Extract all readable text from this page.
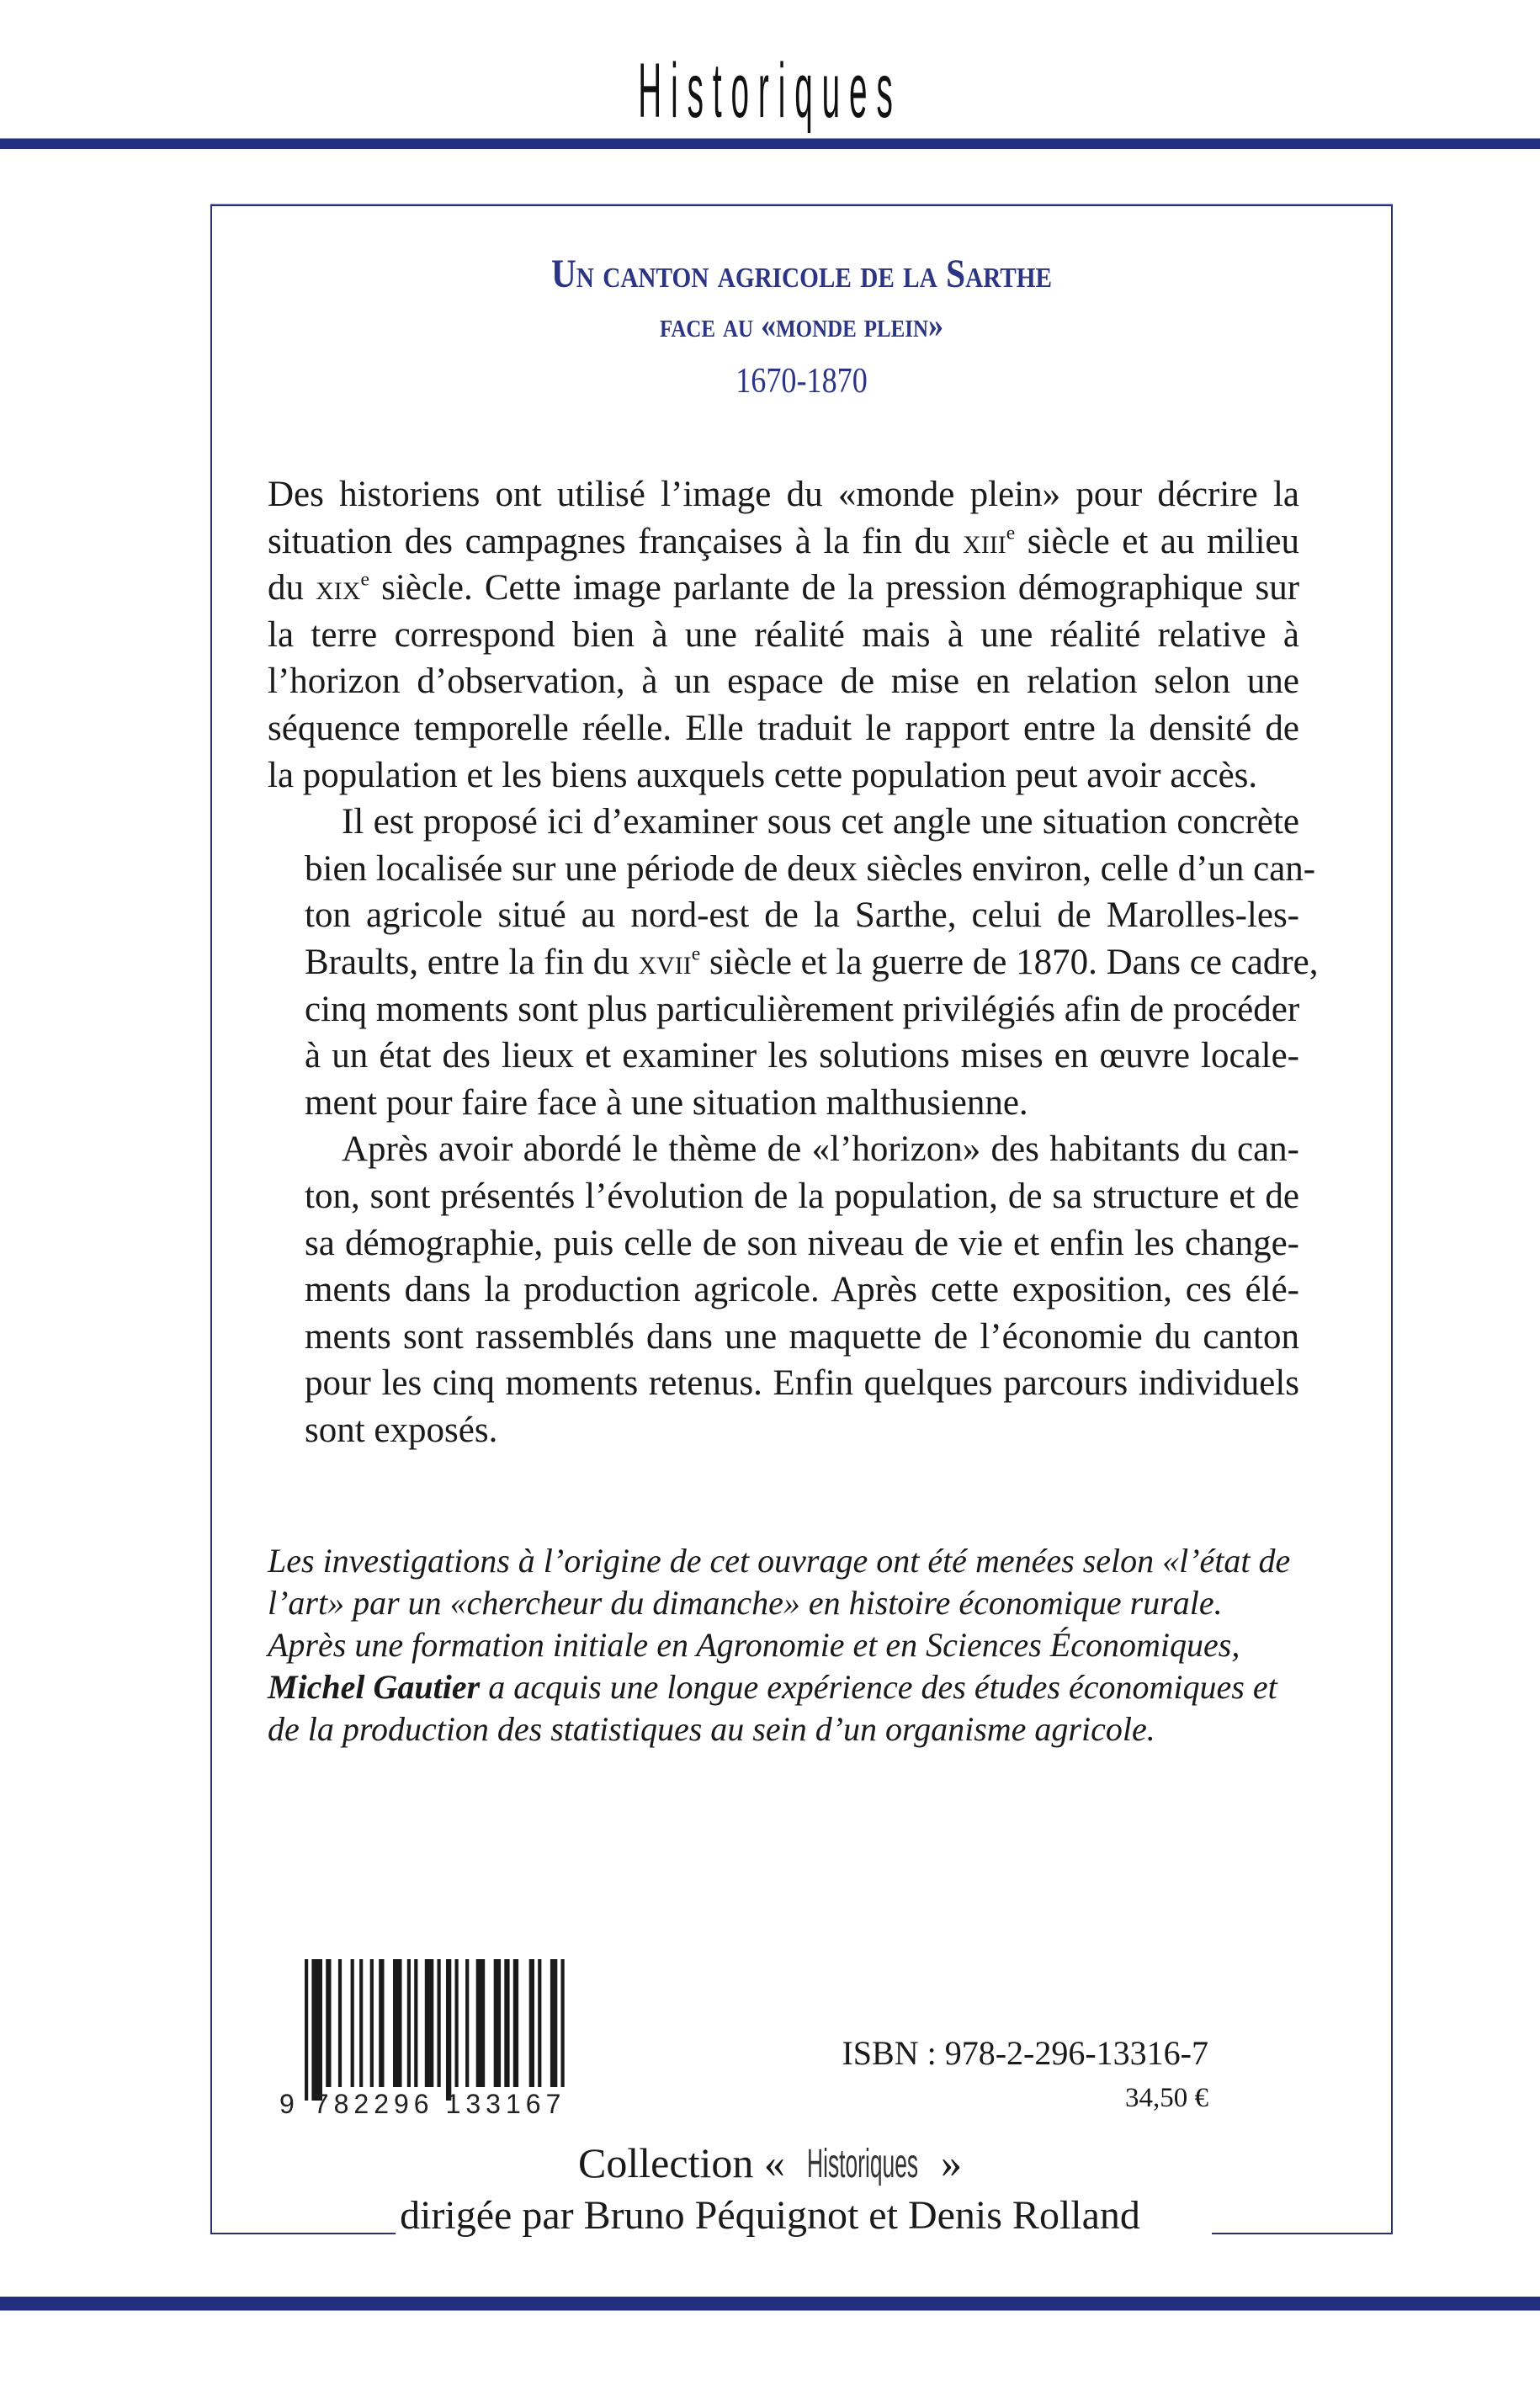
Historiques
Un canton agricole de la Sarthe
face au «monde plein»
1670-1870

Des historiens ont utilisé l’image du «monde plein» pour décrire la
situation des campagnes françaises à la fin du xiii$^e$ siècle et au milieu
du xix$^e$ siècle. Cette image parlante de la pression démographique sur
la terre correspond bien à une réalité mais à une réalité relative à
l’horizon d’observation, à un espace de mise en relation selon une
séquence temporelle réelle. Elle traduit le rapport entre la densité de
la population et les biens auxquels cette population peut avoir accès.

Il est proposé ici d’examiner sous cet angle une situation concrète
bien localisée sur une période de deux siècles environ, celle d’un can-
ton agricole situé au nord-est de la Sarthe, celui de Marolles-les-
Braults, entre la fin du xvii$^e$ siècle et la guerre de 1870. Dans ce cadre,
cinq moments sont plus particulièrement privilégiés afin de procéder
à un état des lieux et examiner les solutions mises en œuvre locale-
ment pour faire face à une situation malthusienne.

Après avoir abordé le thème de «l’horizon» des habitants du can-
ton, sont présentés l’évolution de la population, de sa structure et de
sa démographie, puis celle de son niveau de vie et enfin les change-
ments dans la production agricole. Après cette exposition, ces élé-
ments sont rassemblés dans une maquette de l’économie du canton
pour les cinq moments retenus. Enfin quelques parcours individuels
sont exposés.

Les investigations à l’origine de cet ouvrage ont été menées selon «l’état de
l’art» par un «chercheur du dimanche» en histoire économique rurale.
Après une formation initiale en Agronomie et en Sciences Économiques,
Michel Gautier a acquis une longue expérience des études économiques et
de la production des statistiques au sein d’un organisme agricole.
9 782296 133167
ISBN : 978-2-296-13316-7
34,50 €
Collection « Historiques »
dirigée par Bruno Péquignot et Denis Rolland
